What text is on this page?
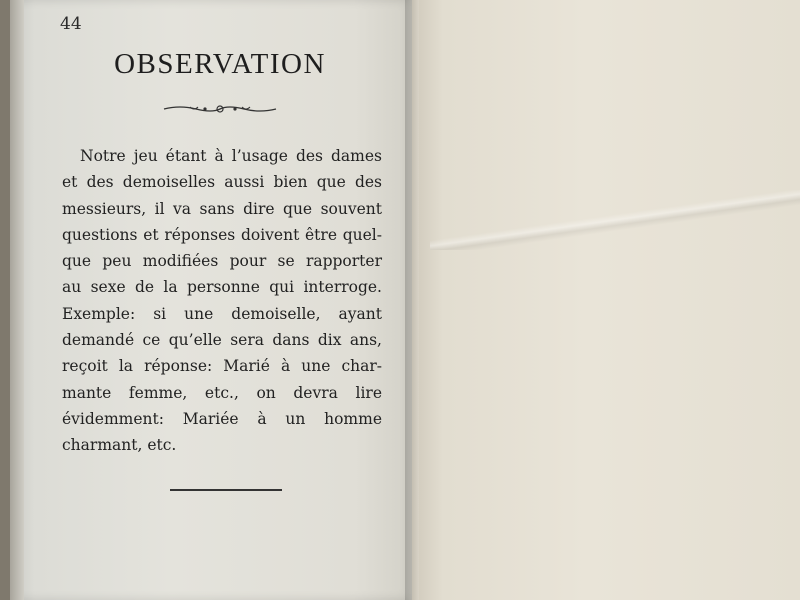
44
OBSERVATION
Notre jeu étant à l’usage des dames
et des demoiselles aussi bien que des
messieurs, il va sans dire que souvent
questions et réponses doivent être quel-
que peu modifiées pour se rapporter
au sexe de la personne qui interroge.
Exemple: si une demoiselle, ayant
demandé ce qu’elle sera dans dix ans,
reçoit la réponse: Marié à une char-
mante femme, etc., on devra lire
évidemment: Mariée à un homme
charmant, etc.
